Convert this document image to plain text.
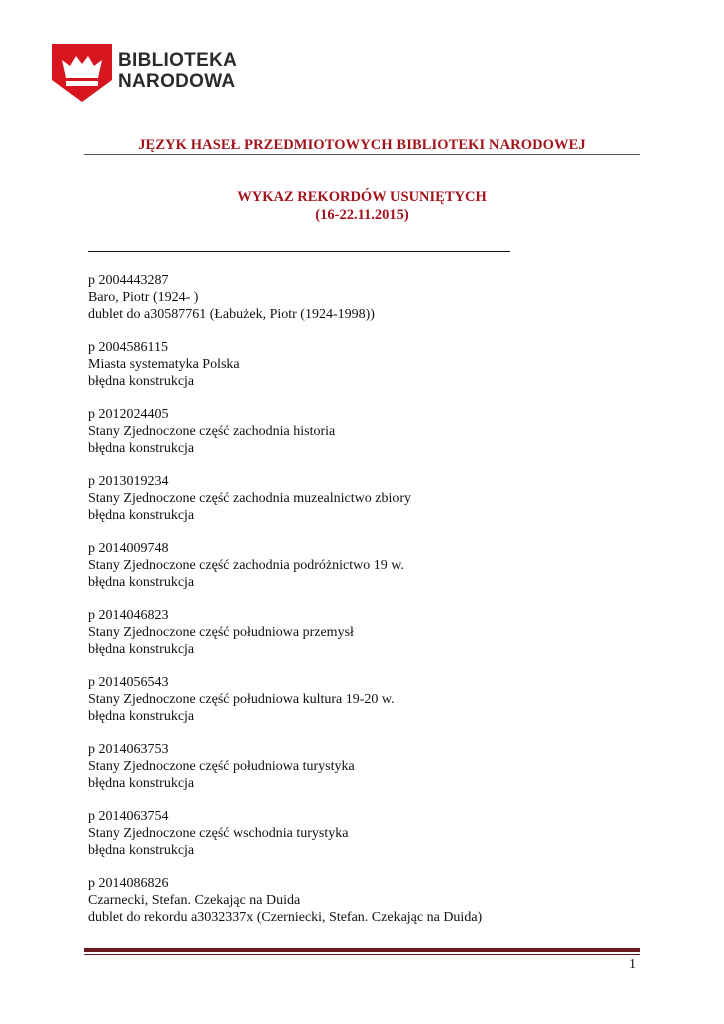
BIBLIOTEKA
NARODOWA
JĘZYK HASEŁ PRZEDMIOTOWYCH BIBLIOTEKI NARODOWEJ
WYKAZ REKORDÓW USUNIĘTYCH
(16-22.11.2015)
p 2004443287
Baro, Piotr (1924- )
dublet do a30587761 (Łabużek, Piotr (1924-1998))
p 2004586115
Miasta systematyka Polska
błędna konstrukcja
p 2012024405
Stany Zjednoczone część zachodnia historia
błędna konstrukcja
p 2013019234
Stany Zjednoczone część zachodnia muzealnictwo zbiory
błędna konstrukcja
p 2014009748
Stany Zjednoczone część zachodnia podróżnictwo 19 w.
błędna konstrukcja
p 2014046823
Stany Zjednoczone część południowa przemysł
błędna konstrukcja
p 2014056543
Stany Zjednoczone część południowa kultura 19-20 w.
błędna konstrukcja
p 2014063753
Stany Zjednoczone część południowa turystyka
błędna konstrukcja
p 2014063754
Stany Zjednoczone część wschodnia turystyka
błędna konstrukcja
p 2014086826
Czarnecki, Stefan. Czekając na Duida
dublet do rekordu a3032337x (Czerniecki, Stefan. Czekając na Duida)
1
